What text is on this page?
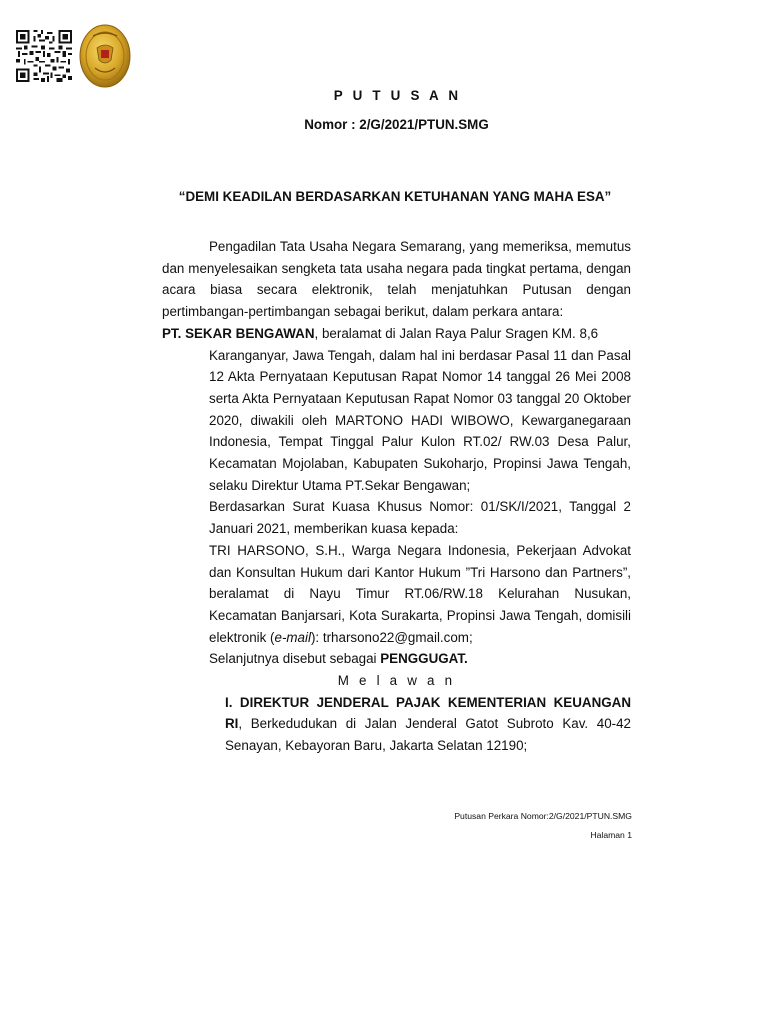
P U T U S A N
Nomor : 2/G/2021/PTUN.SMG
“DEMI KEADILAN BERDASARKAN KETUHANAN YANG MAHA ESA”

Pengadilan Tata Usaha Negara Semarang, yang memeriksa, memutus dan menyelesaikan sengketa tata usaha negara pada tingkat pertama, dengan acara biasa secara elektronik, telah menjatuhkan Putusan dengan pertimbangan-pertimbangan sebagai berikut, dalam perkara antara:

PT. SEKAR BENGAWAN, beralamat di Jalan Raya Palur Sragen KM. 8,6

Karanganyar, Jawa Tengah, dalam hal ini berdasar Pasal 11 dan Pasal 12 Akta Pernyataan Keputusan Rapat Nomor 14 tanggal 26 Mei 2008 serta Akta Pernyataan Keputusan Rapat Nomor 03 tanggal 20 Oktober 2020, diwakili oleh MARTONO HADI WIBOWO, Kewarganegaraan Indonesia, Tempat Tinggal Palur Kulon RT.02/ RW.03 Desa Palur, Kecamatan Mojolaban, Kabupaten Sukoharjo, Propinsi Jawa Tengah, selaku Direktur Utama PT.Sekar Bengawan;

Berdasarkan Surat Kuasa Khusus Nomor: 01/SK/I/2021, Tanggal 2 Januari 2021, memberikan kuasa kepada:

TRI HARSONO, S.H., Warga Negara Indonesia, Pekerjaan Advokat dan Konsultan Hukum dari Kantor Hukum ”Tri Harsono dan Partners”, beralamat di Nayu Timur RT.06/RW.18 Kelurahan Nusukan, Kecamatan Banjarsari, Kota Surakarta, Propinsi Jawa Tengah, domisili elektronik (e-mail): trharsono22@gmail.com;

Selanjutnya disebut sebagai PENGGUGAT.

M e l a w a n

I. DIREKTUR JENDERAL PAJAK KEMENTERIAN KEUANGAN RI, Berkedudukan di Jalan Jenderal Gatot Subroto Kav. 40-42 Senayan, Kebayoran Baru, Jakarta Selatan 12190;

Putusan Perkara Nomor:2/G/2021/PTUN.SMG
Halaman 1
